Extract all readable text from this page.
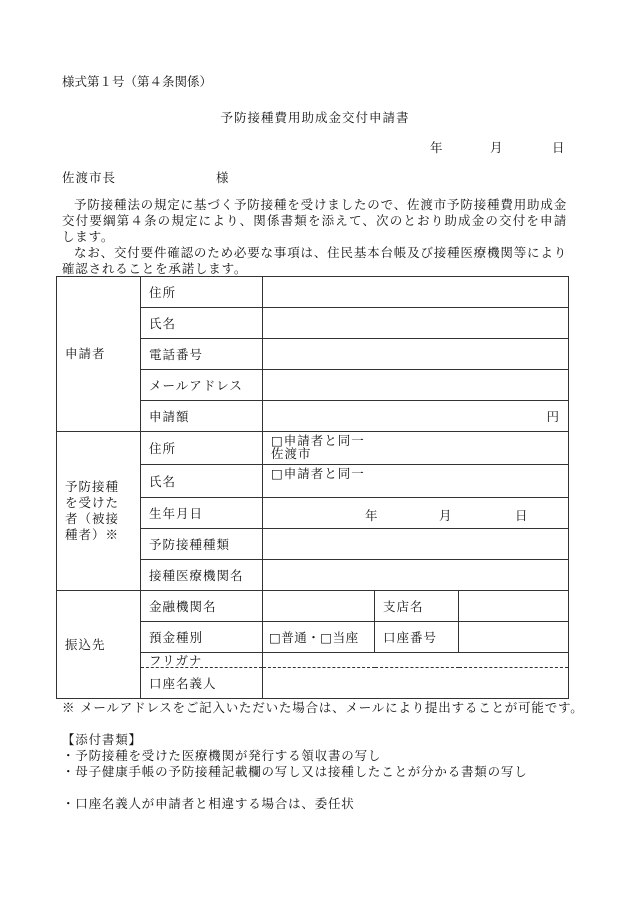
様式第１号（第４条関係）
予防接種費用助成金交付申請書
年	月	日
佐渡市長	様
予防接種法の規定に基づく予防接種を受けましたので、佐渡市予防接種費用助成金交付要綱第４条の規定により、関係書類を添えて、次のとおり助成金の交付を申請します。
なお、交付要件確認のため必要な事項は、住民基本台帳及び接種医療機関等により確認されることを承諾します。
申請者	住所			
	氏名			
	電話番号			
	メールアドレス			
	申請額	円		
予防接種を受けた者（被接種者）※	住所	□申請者と同一
佐渡市		

	氏名	□申請者と同一		

	生年月日	年 月 日		

	予防接種種類			
	接種医療機関名			
振込先	金融機関名		支店名	
	預金種別	□普通・□当座	口座番号	
	フリガナ			
	口座名義人			
※ メールアドレスをご記入いただいた場合は、メールにより提出することが可能です。
【添付書類】
・予防接種を受けた医療機関が発行する領収書の写し
・母子健康手帳の予防接種記載欄の写し又は接種したことが分かる書類の写し
・口座名義人が申請者と相違する場合は、委任状
